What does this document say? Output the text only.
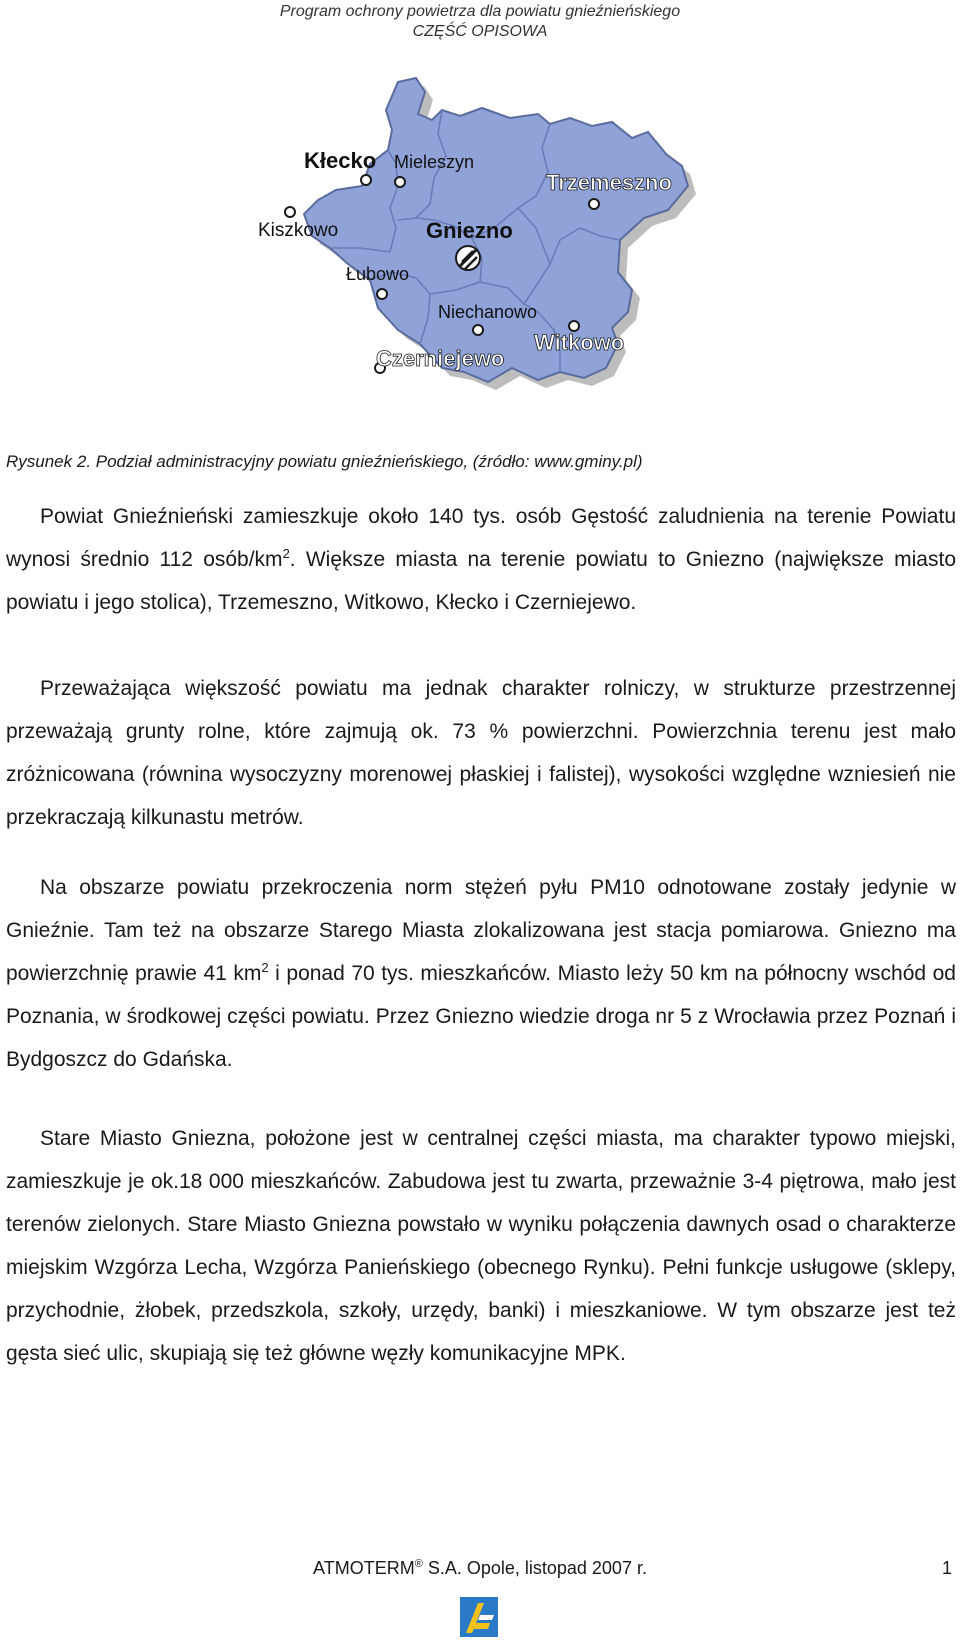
Program ochrony powietrza dla powiatu gnieźnieńskiego
CZĘŚĆ OPISOWA
Kłecko Mieleszyn
Trzemeszno
Kiszkowo	Gniezno
Łubowo
Niechanowo
Czerniejewo
Witkowo
Rysunek 2. Podział administracyjny powiatu gnieźnieńskiego, (źródło: www.gminy.pl)

Powiat Gnieźnieński zamieszkuje około 140 tys. osób Gęstość zaludnienia na terenie Powiatu wynosi średnio 112 osób/$km^2$. Większe miasta na terenie powiatu to Gniezno (największe miasto powiatu i jego stolica), Trzemeszno, Witkowo, Kłecko i Czerniejewo.

Przeważająca większość powiatu ma jednak charakter rolniczy, w strukturze przestrzennej przeważają grunty rolne, które zajmują ok. 73 % powierzchni. Powierzchnia terenu jest mało zróżnicowana (równina wysoczyzny morenowej płaskiej i falistej), wysokości względne wzniesień nie przekraczają kilkunastu metrów.

Na obszarze powiatu przekroczenia norm stężeń pyłu PM10 odnotowane zostały jedynie w Gnieźnie. Tam też na obszarze Starego Miasta zlokalizowana jest stacja pomiarowa. Gniezno ma powierzchnię prawie 41 $km^2$ i ponad 70 tys. mieszkańców. Miasto leży 50 km na północny wschód od Poznania, w środkowej części powiatu. Przez Gniezno wiedzie droga nr 5 z Wrocławia przez Poznań i Bydgoszcz do Gdańska.

Stare Miasto Gniezna, położone jest w centralnej części miasta, ma charakter typowo miejski, zamieszkuje je ok.18 000 mieszkańców. Zabudowa jest tu zwarta, przeważnie 3-4 piętrowa, mało jest terenów zielonych. Stare Miasto Gniezna powstało w wyniku połączenia dawnych osad o charakterze miejskim Wzgórza Lecha, Wzgórza Panieńskiego (obecnego Rynku). Pełni funkcje usługowe (sklepy, przychodnie, żłobek, przedszkola, szkoły, urzędy, banki) i mieszkaniowe. W tym obszarze jest też gęsta sieć ulic, skupiają się też główne węzły komunikacyjne MPK.

ATMOTERM® S.A. Opole, listopad 2007 r.	1
